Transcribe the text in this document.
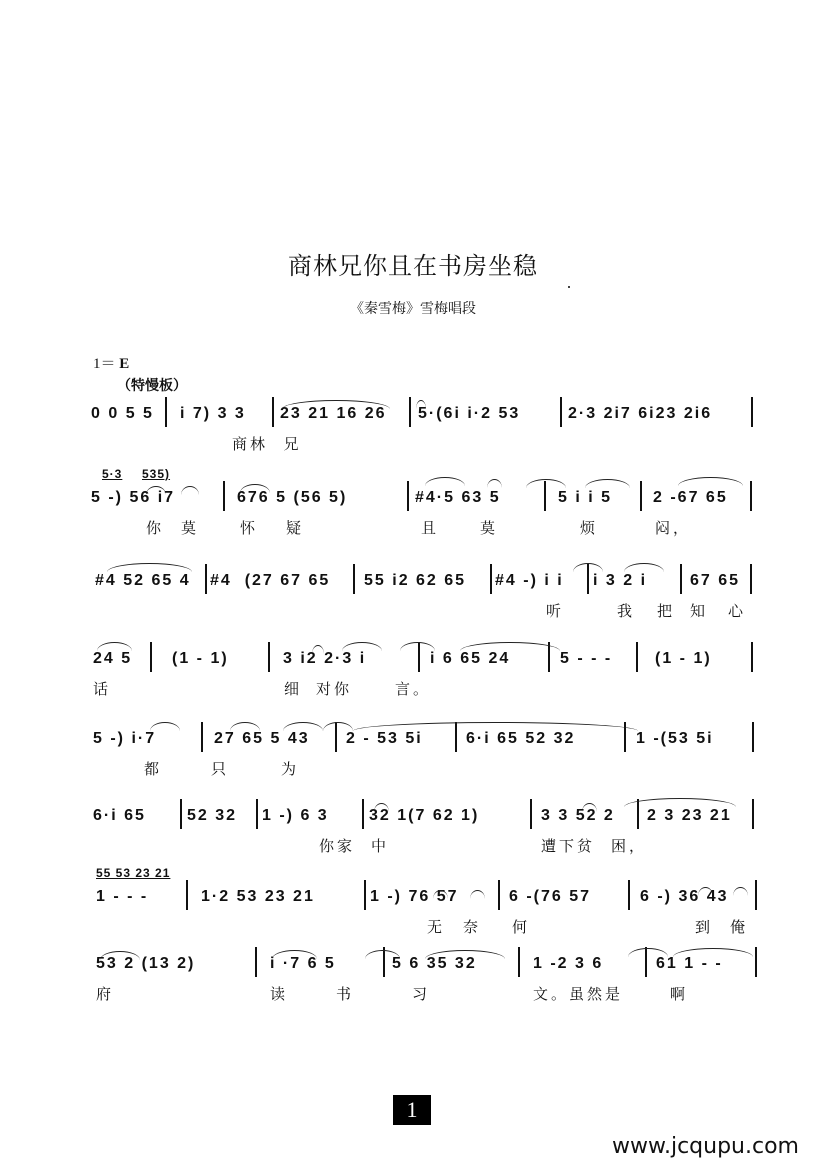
商林兄你且在书房坐稳
《秦雪梅》雪梅唱段
1＝ E
（特慢板）
0 0 5 5 i 7) 3 3 23 21 16 26 5·(6i i·2 53	2·3 2i7 6i23 2i6
商林  兄
5·3 535)
5 -) 56 i7	676 5 (56 5)	#4·5 63 5	5 i i 5	2 -67 65
你 莫	怀 疑	且	莫	烦	闷，
#4 52 65 4 #4  (27 67 65 55 i2 62 65 #4 -) i i i 3 2 i	67 65
听	我 把 知 心
24 5 (1 - 1)	3 i2 2·3 i	i 6 65 24	5 - - -	(1 - 1)
话	细 对你	言。
5 -) i·7	27 65 5 43 2 - 53 5i	6·i 65 52 32	1 -(53 5i
都	只	为
6·i 65	52 32 1 -) 6 3	32 1(7 62 1)	3 3 52 2 2 3 23 21
你家 中	遭下贫 困，
55 53 23 21
1 - - -	1·2 53 23 21	1 -) 76 57	6 -(76 57	6 -) 36 43
无 奈 何	到 俺
53 2 (13 2)	i ·7 6 5	5 6 35 32	1 -2 3 6	61 1 - -
府	读	书	习	文。虽然是	啊
1
www.jcqupu.com
